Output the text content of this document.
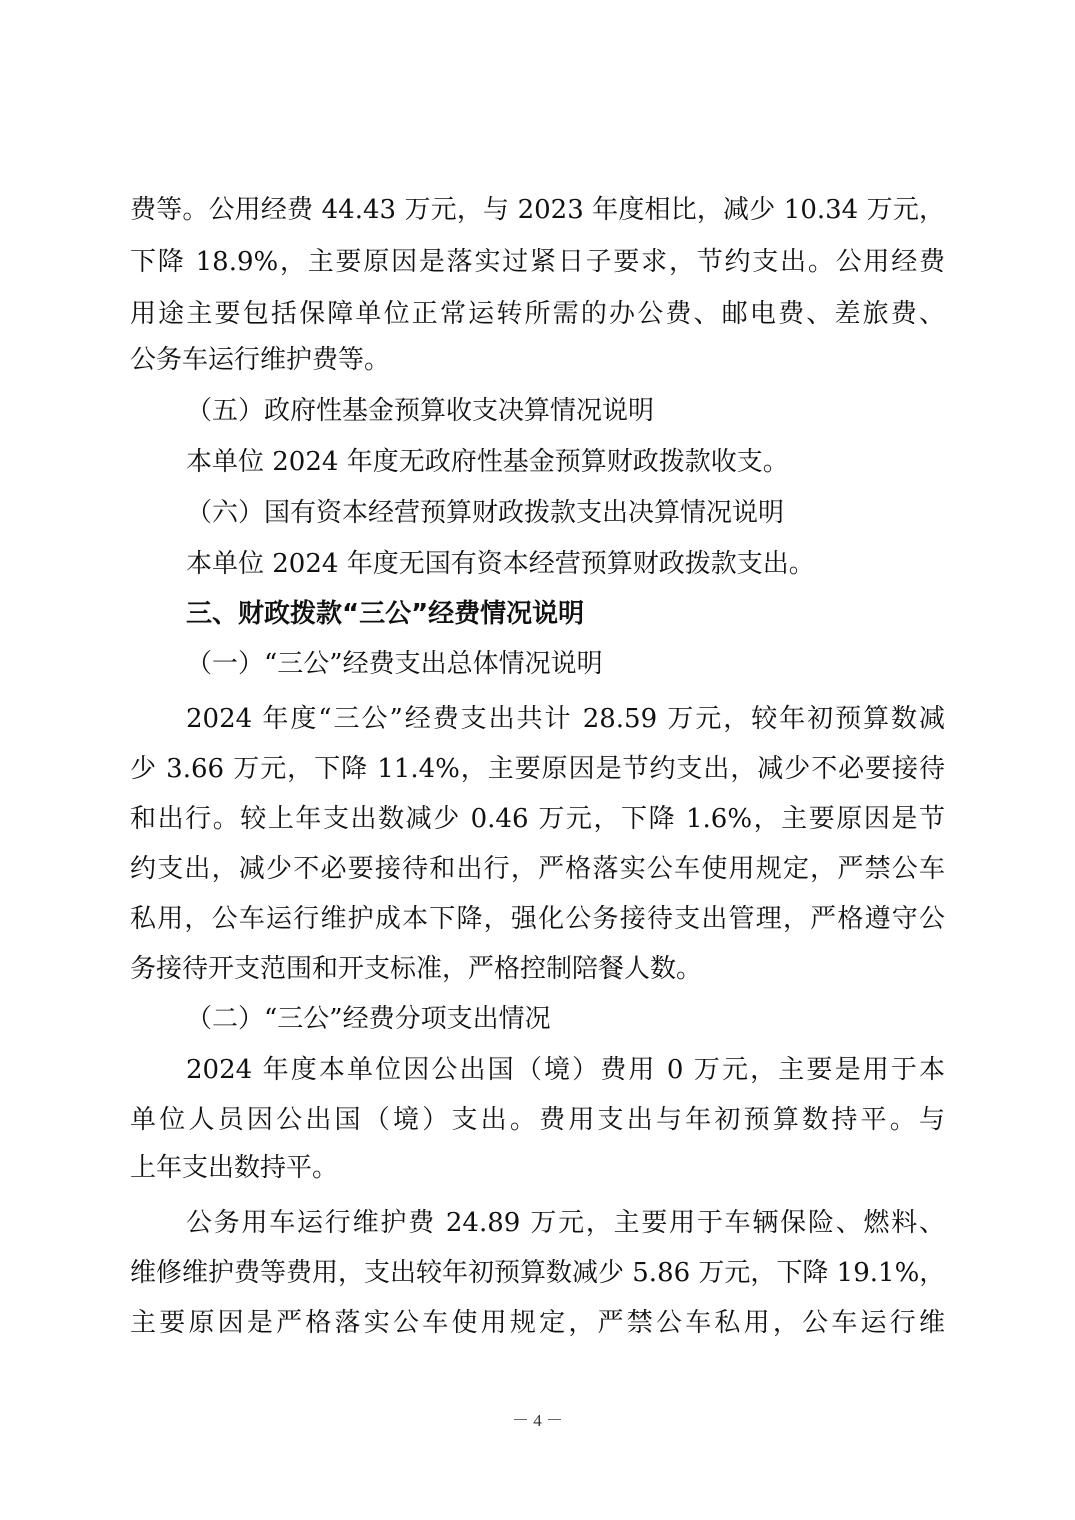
费等。公用经费 44.43 万元，与 2023 年度相比，减少 10.34 万元，
下降 18.9%，主要原因是落实过紧日子要求，节约支出。公用经费
用途主要包括保障单位正常运转所需的办公费、邮电费、差旅费、
公务车运行维护费等。
（五）政府性基金预算收支决算情况说明
本单位 2024 年度无政府性基金预算财政拨款收支。
（六）国有资本经营预算财政拨款支出决算情况说明
本单位 2024 年度无国有资本经营预算财政拨款支出。
三、财政拨款“三公”经费情况说明
（一）“三公”经费支出总体情况说明
2024 年度“三公”经费支出共计 28.59 万元，较年初预算数减
少 3.66 万元，下降 11.4%，主要原因是节约支出，减少不必要接待
和出行。较上年支出数减少 0.46 万元，下降 1.6%，主要原因是节
约支出，减少不必要接待和出行，严格落实公车使用规定，严禁公车
私用，公车运行维护成本下降，强化公务接待支出管理，严格遵守公
务接待开支范围和开支标准，严格控制陪餐人数。
（二）“三公”经费分项支出情况
2024 年度本单位因公出国（境）费用 0 万元，主要是用于本
单位人员因公出国（境）支出。费用支出与年初预算数持平。与
上年支出数持平。
公务用车运行维护费 24.89 万元，主要用于车辆保险、燃料、
维修维护费等费用，支出较年初预算数减少 5.86 万元，下降 19.1%，
主要原因是严格落实公车使用规定，严禁公车私用，公车运行维
－ 4 －
